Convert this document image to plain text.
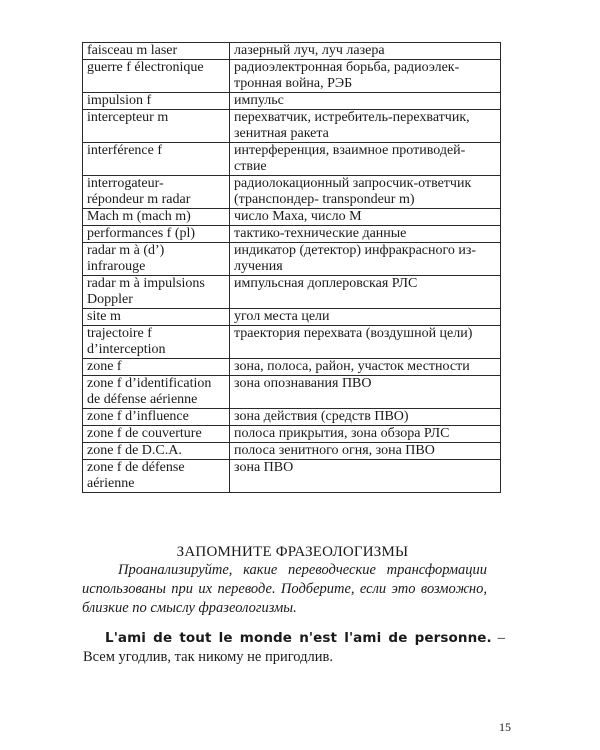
faisceau m laser	лазерный луч, луч лазера
guerre f électronique	радиоэлектронная борьба, радиоэлек-
тронная война, РЭБ
impulsion f	импульс
intercepteur m	перехватчик, истребитель-перехватчик,
зенитная ракета
interférence f	интерференция, взаимное противодей-
ствие
interrogateur-
répondeur m radar	радиолокационный запросчик-ответчик
(транспондер- transpondeur m)
Mach m (mach m)	число Маха, число М
performances f (pl)	тактико-технические данные
radar m à (d’)
infrarouge	индикатор (детектор) инфракрасного из-
лучения
radar m à impulsions
Doppler	импульсная доплеровская РЛС
site m	угол места цели
trajectoire f
d’interception	траектория перехвата (воздушной цели)
zone f	зона, полоса, район, участок местности
zone f d’identification
de défense aérienne	зона опознавания ПВО
zone f d’influence	зона действия (средств ПВО)
zone f de couverture	полоса прикрытия, зона обзора РЛС
zone f de D.C.A.	полоса зенитного огня, зона ПВО
zone f de défense
aérienne	зона ПВО
ЗАПОМНИТЕ ФРАЗЕОЛОГИЗМЫ
Проанализируйте, какие переводческие трансформации
использованы при их переводе. Подберите, если это возможно,
близкие по смыслу фразеологизмы.
L'ami de tout le monde n'est l'ami de personne. – Всем угодлив, так никому не пригодлив.
15
